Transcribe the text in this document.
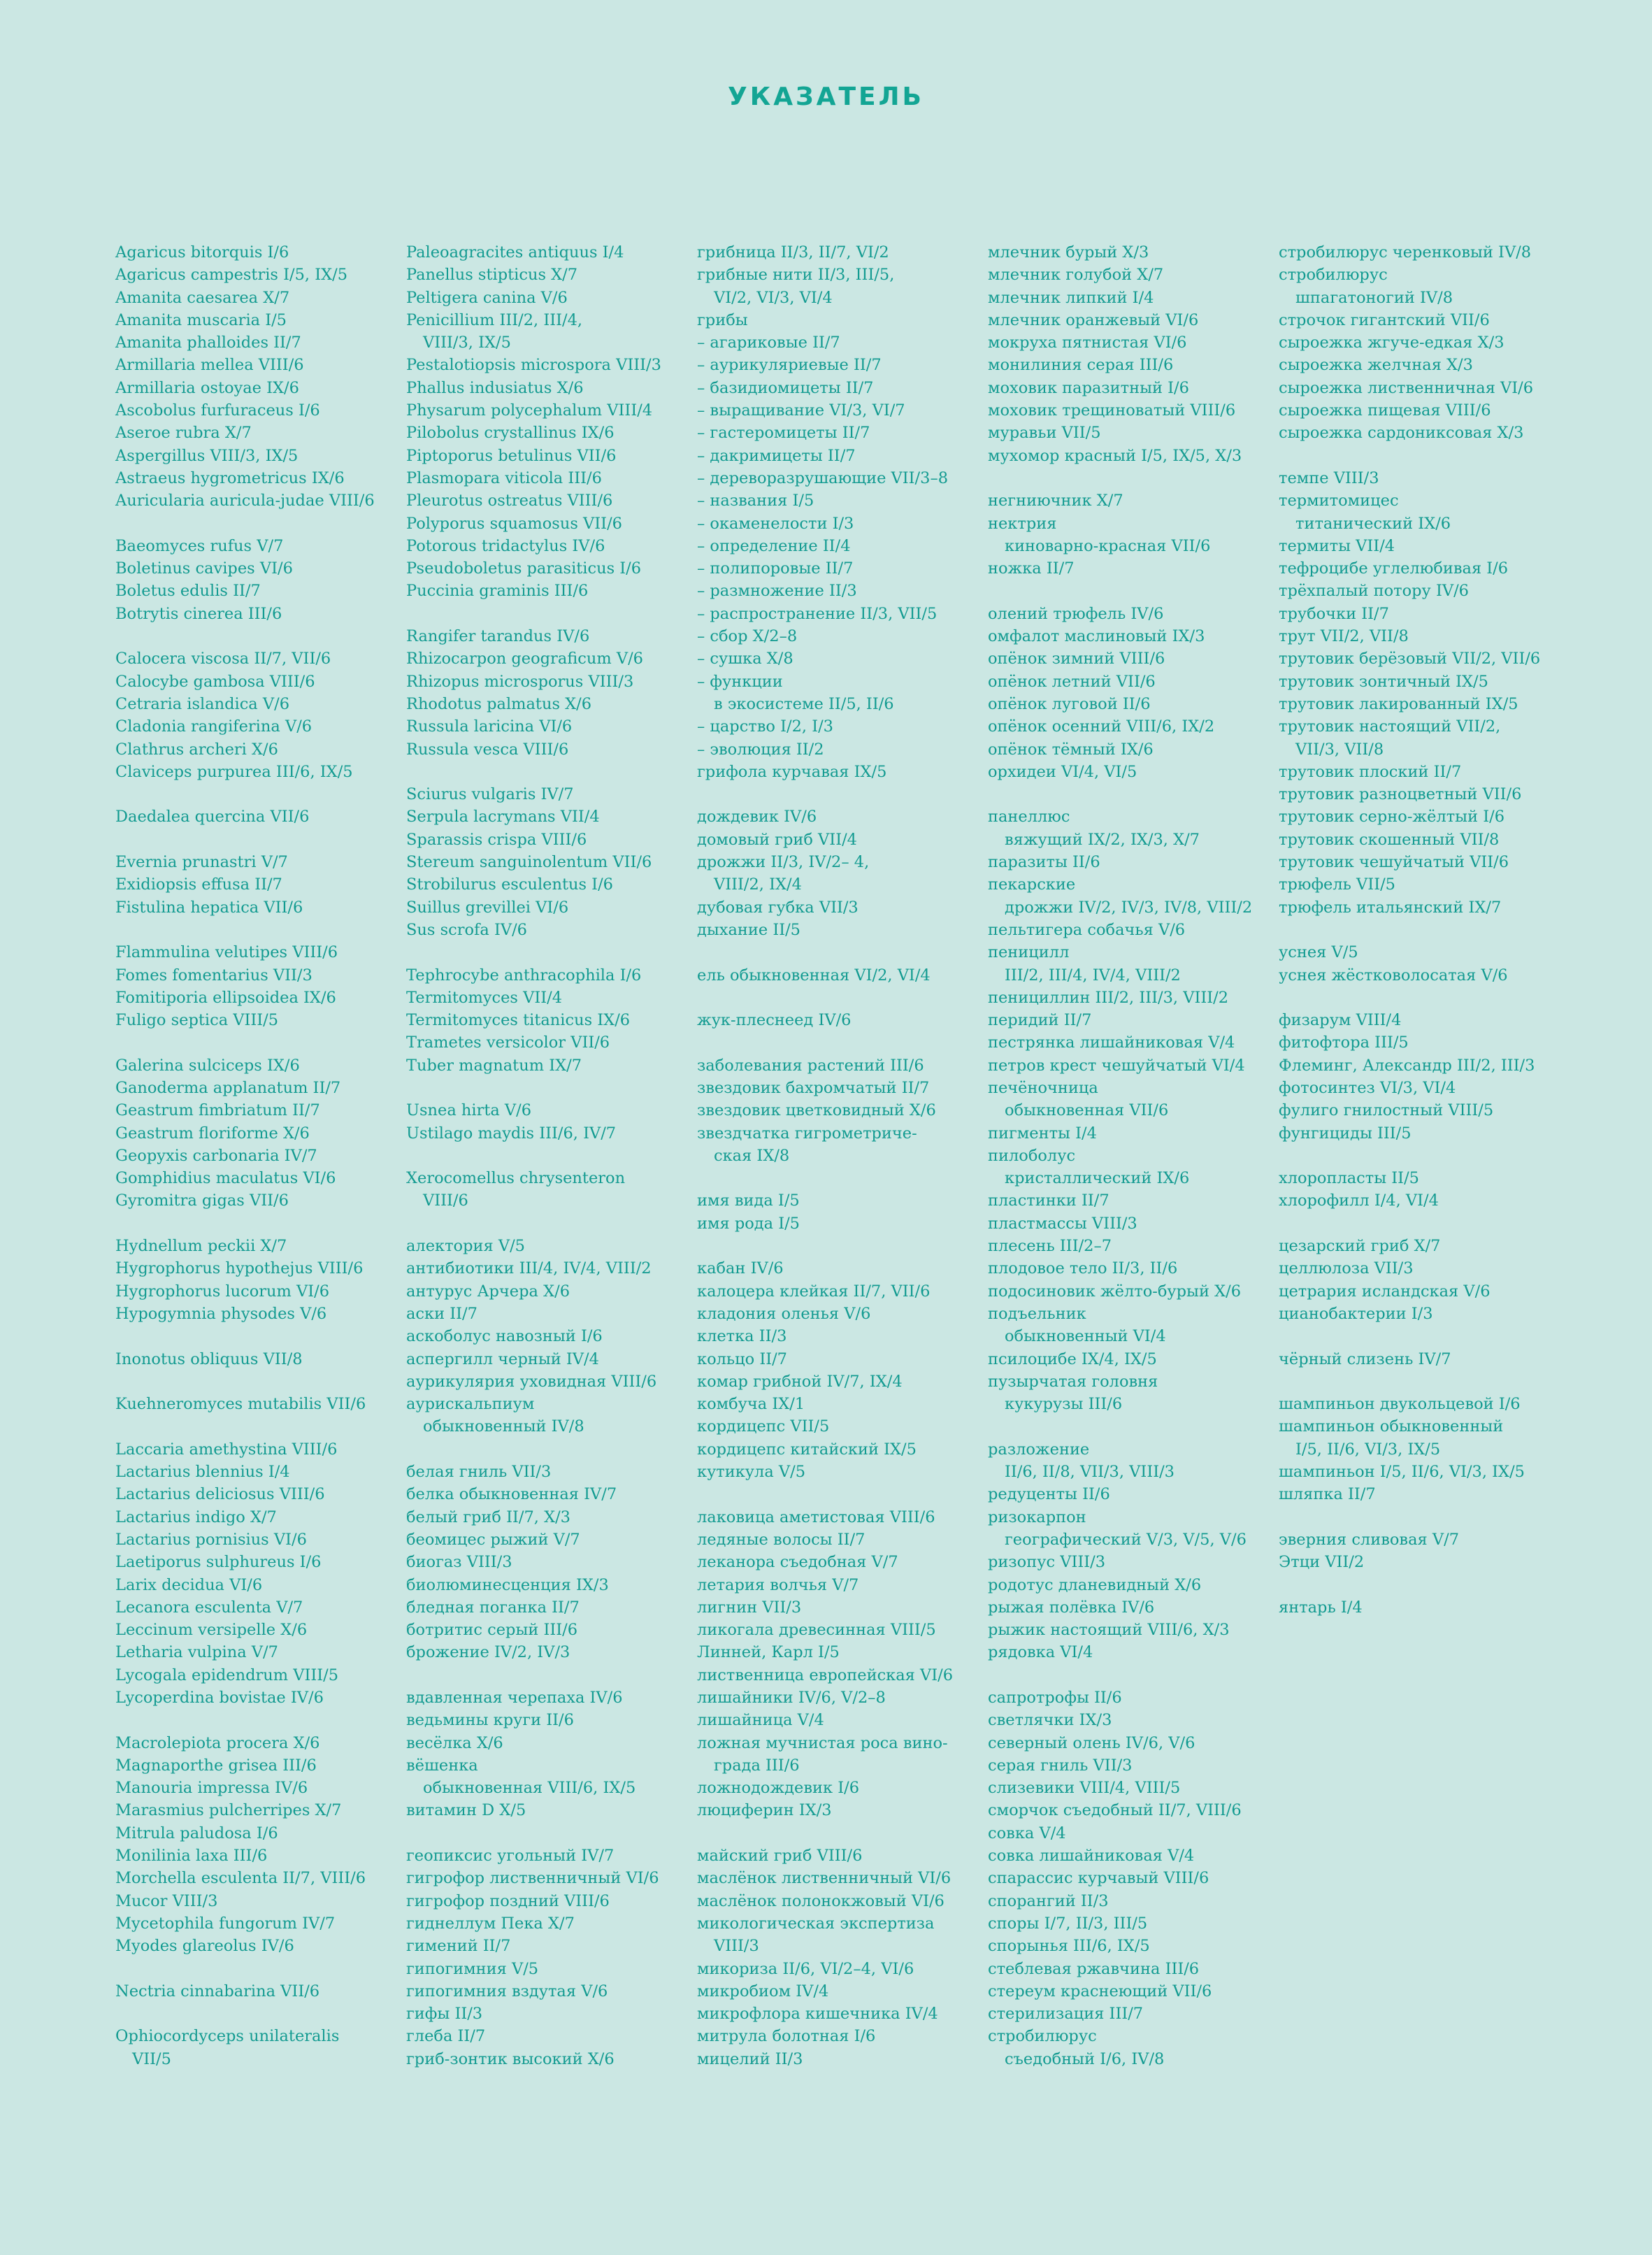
УКАЗАТЕЛЬ
Agaricus bitorquis I/6
Agaricus campestris I/5, IX/5
Amanita caesarea X/7
Amanita muscaria I/5
Amanita phalloides II/7
Armillaria mellea VIII/6
Armillaria ostoyae IX/6
Ascobolus furfuraceus I/6
Aseroe rubra X/7
Aspergillus VIII/3, IX/5
Astraeus hygrometricus IX/6
Auricularia auricula-judae VIII/6
Baeomyces rufus V/7
Boletinus cavipes VI/6
Boletus edulis II/7
Botrytis cinerea III/6
Calocera viscosa II/7, VII/6
Calocybe gambosa VIII/6
Cetraria islandica V/6
Cladonia rangiferina V/6
Clathrus archeri X/6
Claviceps purpurea III/6, IX/5
Daedalea quercina VII/6
Evernia prunastri V/7
Exidiopsis effusa II/7
Fistulina hepatica VII/6
Flammulina velutipes VIII/6
Fomes fomentarius VII/3
Fomitiporia ellipsoidea IX/6
Fuligo septica VIII/5
Galerina sulciceps IX/6
Ganoderma applanatum II/7
Geastrum fimbriatum II/7
Geastrum floriforme X/6
Geopyxis carbonaria IV/7
Gomphidius maculatus VI/6
Gyromitra gigas VII/6
Hydnellum peckii X/7
Hygrophorus hypothejus VIII/6
Hygrophorus lucorum VI/6
Hypogymnia physodes V/6
Inonotus obliquus VII/8
Kuehneromyces mutabilis VII/6
Laccaria amethystina VIII/6
Lactarius blennius I/4
Lactarius deliciosus VIII/6
Lactarius indigo X/7
Lactarius pornisius VI/6
Laetiporus sulphureus I/6
Larix decidua VI/6
Lecanora esculenta V/7
Leccinum versipelle X/6
Letharia vulpina V/7
Lycogala epidendrum VIII/5
Lycoperdina bovistae IV/6
Macrolepiota procera X/6
Magnaporthe grisea III/6
Manouria impressa IV/6
Marasmius pulcherripes X/7
Mitrula paludosa I/6
Monilinia laxa III/6
Morchella esculenta II/7, VIII/6
Mucor VIII/3
Mycetophila fungorum IV/7
Myodes glareolus IV/6
Nectria cinnabarina VII/6
Ophiocordyceps unilateralis
VII/5
Paleoagracites antiquus I/4
Panellus stipticus X/7
Peltigera canina V/6
Penicillium III/2, III/4,
VIII/3, IX/5
Pestalotiopsis microspora VIII/3
Phallus indusiatus X/6
Physarum polycephalum VIII/4
Pilobolus crystallinus IX/6
Piptoporus betulinus VII/6
Plasmopara viticola III/6
Pleurotus ostreatus VIII/6
Polyporus squamosus VII/6
Potorous tridactylus IV/6
Pseudoboletus parasiticus I/6
Puccinia graminis III/6
Rangifer tarandus IV/6
Rhizocarpon geograficum V/6
Rhizopus microsporus VIII/3
Rhodotus palmatus X/6
Russula laricina VI/6
Russula vesca VIII/6
Sciurus vulgaris IV/7
Serpula lacrymans VII/4
Sparassis crispa VIII/6
Stereum sanguinolentum VII/6
Strobilurus esculentus I/6
Suillus grevillei VI/6
Sus scrofa IV/6
Tephrocybe anthracophila I/6
Termitomyces VII/4
Termitomyces titanicus IX/6
Trametes versicolor VII/6
Tuber magnatum IX/7
Usnea hirta V/6
Ustilago maydis III/6, IV/7
Xerocomellus chrysenteron
VIII/6
алектория V/5
антибиотики III/4, IV/4, VIII/2
антурус Арчера X/6
аски II/7
аскоболус навозный I/6
аспергилл черный IV/4
аурикулярия уховидная VIII/6
аурискальпиум
обыкновенный IV/8
белая гниль VII/3
белка обыкновенная IV/7
белый гриб II/7, X/3
беомицес рыжий V/7
биогаз VIII/3
биолюминесценция IX/3
бледная поганка II/7
ботритис серый III/6
брожение IV/2, IV/3
вдавленная черепаха IV/6
ведьмины круги II/6
весёлка X/6
вёшенка
обыкновенная VIII/6, IX/5
витамин D X/5
геопиксис угольный IV/7
гигрофор лиственничный VI/6
гигрофор поздний VIII/6
гиднеллум Пека X/7
гимений II/7
гипогимния V/5
гипогимния вздутая V/6
гифы II/3
глеба II/7
гриб-зонтик высокий X/6
грибница II/3, II/7, VI/2
грибные нити II/3, III/5,
VI/2, VI/3, VI/4
грибы
– агариковые II/7
– аурикуляриевые II/7
– базидиомицеты II/7
– выращивание VI/3, VI/7
– гастеромицеты II/7
– дакримицеты II/7
– дереворазрушающие VII/3–8
– названия I/5
– окаменелости I/3
– определение II/4
– полипоровые II/7
– размножение II/3
– распространение II/3, VII/5
– сбор X/2–8
– сушка X/8
– функции
в экосистеме II/5, II/6
– царство I/2, I/3
– эволюция II/2
грифола курчавая IX/5
дождевик IV/6
домовый гриб VII/4
дрожжи II/3, IV/2– 4,
VIII/2, IX/4
дубовая губка VII/3
дыхание II/5
ель обыкновенная VI/2, VI/4
жук-плеснеед IV/6
заболевания растений III/6
звездовик бахромчатый II/7
звездовик цветковидный X/6
звездчатка гигрометриче-
ская IX/8
имя вида I/5
имя рода I/5
кабан IV/6
калоцера клейкая II/7, VII/6
кладония оленья V/6
клетка II/3
кольцо II/7
комар грибной IV/7, IX/4
комбуча IX/1
кордицепс VII/5
кордицепс китайский IX/5
кутикула V/5
лаковица аметистовая VIII/6
ледяные волосы II/7
леканора съедобная V/7
летария волчья V/7
лигнин VII/3
ликогала древесинная VIII/5
Линней, Карл I/5
лиственница европейская VI/6
лишайники IV/6, V/2–8
лишайница V/4
ложная мучнистая роса вино-
града III/6
ложнодождевик I/6
люциферин IX/3
майский гриб VIII/6
маслёнок лиственничный VI/6
маслёнок полонокжовый VI/6
микологическая экспертиза
VIII/3
микориза II/6, VI/2–4, VI/6
микробиом IV/4
микрофлора кишечника IV/4
митрула болотная I/6
мицелий II/3
млечник бурый X/3
млечник голубой X/7
млечник липкий I/4
млечник оранжевый VI/6
мокруха пятнистая VI/6
монилиния серая III/6
моховик паразитный I/6
моховик трещиноватый VIII/6
муравьи VII/5
мухомор красный I/5, IX/5, X/3
негниючник X/7
нектрия
киноварно-красная VII/6
ножка II/7
олений трюфель IV/6
омфалот маслиновый IX/3
опёнок зимний VIII/6
опёнок летний VII/6
опёнок луговой II/6
опёнок осенний VIII/6, IX/2
опёнок тёмный IX/6
орхидеи VI/4, VI/5
панеллюс
вяжущий IX/2, IX/3, X/7
паразиты II/6
пекарские
дрожжи IV/2, IV/3, IV/8, VIII/2
пельтигера собачья V/6
пеницилл
III/2, III/4, IV/4, VIII/2
пенициллин III/2, III/3, VIII/2
перидий II/7
пестрянка лишайниковая V/4
петров крест чешуйчатый VI/4
печёночница
обыкновенная VII/6
пигменты I/4
пилоболус
кристаллический IX/6
пластинки II/7
пластмассы VIII/3
плесень III/2–7
плодовое тело II/3, II/6
подосиновик жёлто-бурый X/6
подъельник
обыкновенный VI/4
псилоцибе IX/4, IX/5
пузырчатая головня
кукурузы III/6
разложение
II/6, II/8, VII/3, VIII/3
редуценты II/6
ризокарпон
географический V/3, V/5, V/6
ризопус VIII/3
родотус дланевидный X/6
рыжая полёвка IV/6
рыжик настоящий VIII/6, X/3
рядовка VI/4
сапротрофы II/6
светлячки IX/3
северный олень IV/6, V/6
серая гниль VII/3
слизевики VIII/4, VIII/5
сморчок съедобный II/7, VIII/6
совка V/4
совка лишайниковая V/4
спарассис курчавый VIII/6
спорангий II/3
споры I/7, II/3, III/5
спорынья III/6, IX/5
стеблевая ржавчина III/6
стереум краснеющий VII/6
стерилизация III/7
стробилюрус
съедобный I/6, IV/8
стробилюрус черенковый IV/8
стробилюрус
шпагатоногий IV/8
строчок гигантский VII/6
сыроежка жгуче-едкая X/3
сыроежка желчная X/3
сыроежка лиственничная VI/6
сыроежка пищевая VIII/6
сыроежка сардониксовая X/3
темпе VIII/3
термитомицес
титанический IX/6
термиты VII/4
тефроцибе углелюбивая I/6
трёхпалый потору IV/6
трубочки II/7
трут VII/2, VII/8
трутовик берёзовый VII/2, VII/6
трутовик зонтичный IX/5
трутовик лакированный IX/5
трутовик настоящий VII/2,
VII/3, VII/8
трутовик плоский II/7
трутовик разноцветный VII/6
трутовик серно-жёлтый I/6
трутовик скошенный VII/8
трутовик чешуйчатый VII/6
трюфель VII/5
трюфель итальянский IX/7
уснея V/5
уснея жёстковолосатая V/6
физарум VIII/4
фитофтора III/5
Флеминг, Александр III/2, III/3
фотосинтез VI/3, VI/4
фулиго гнилостный VIII/5
фунгициды III/5
хлоропласты II/5
хлорофилл I/4, VI/4
цезарский гриб X/7
целлюлоза VII/3
цетрария исландская V/6
цианобактерии I/3
чёрный слизень IV/7
шампиньон двукольцевой I/6
шампиньон обыкновенный
I/5, II/6, VI/3, IX/5
шампиньон I/5, II/6, VI/3, IX/5
шляпка II/7
эверния сливовая V/7
Этци VII/2
янтарь I/4
